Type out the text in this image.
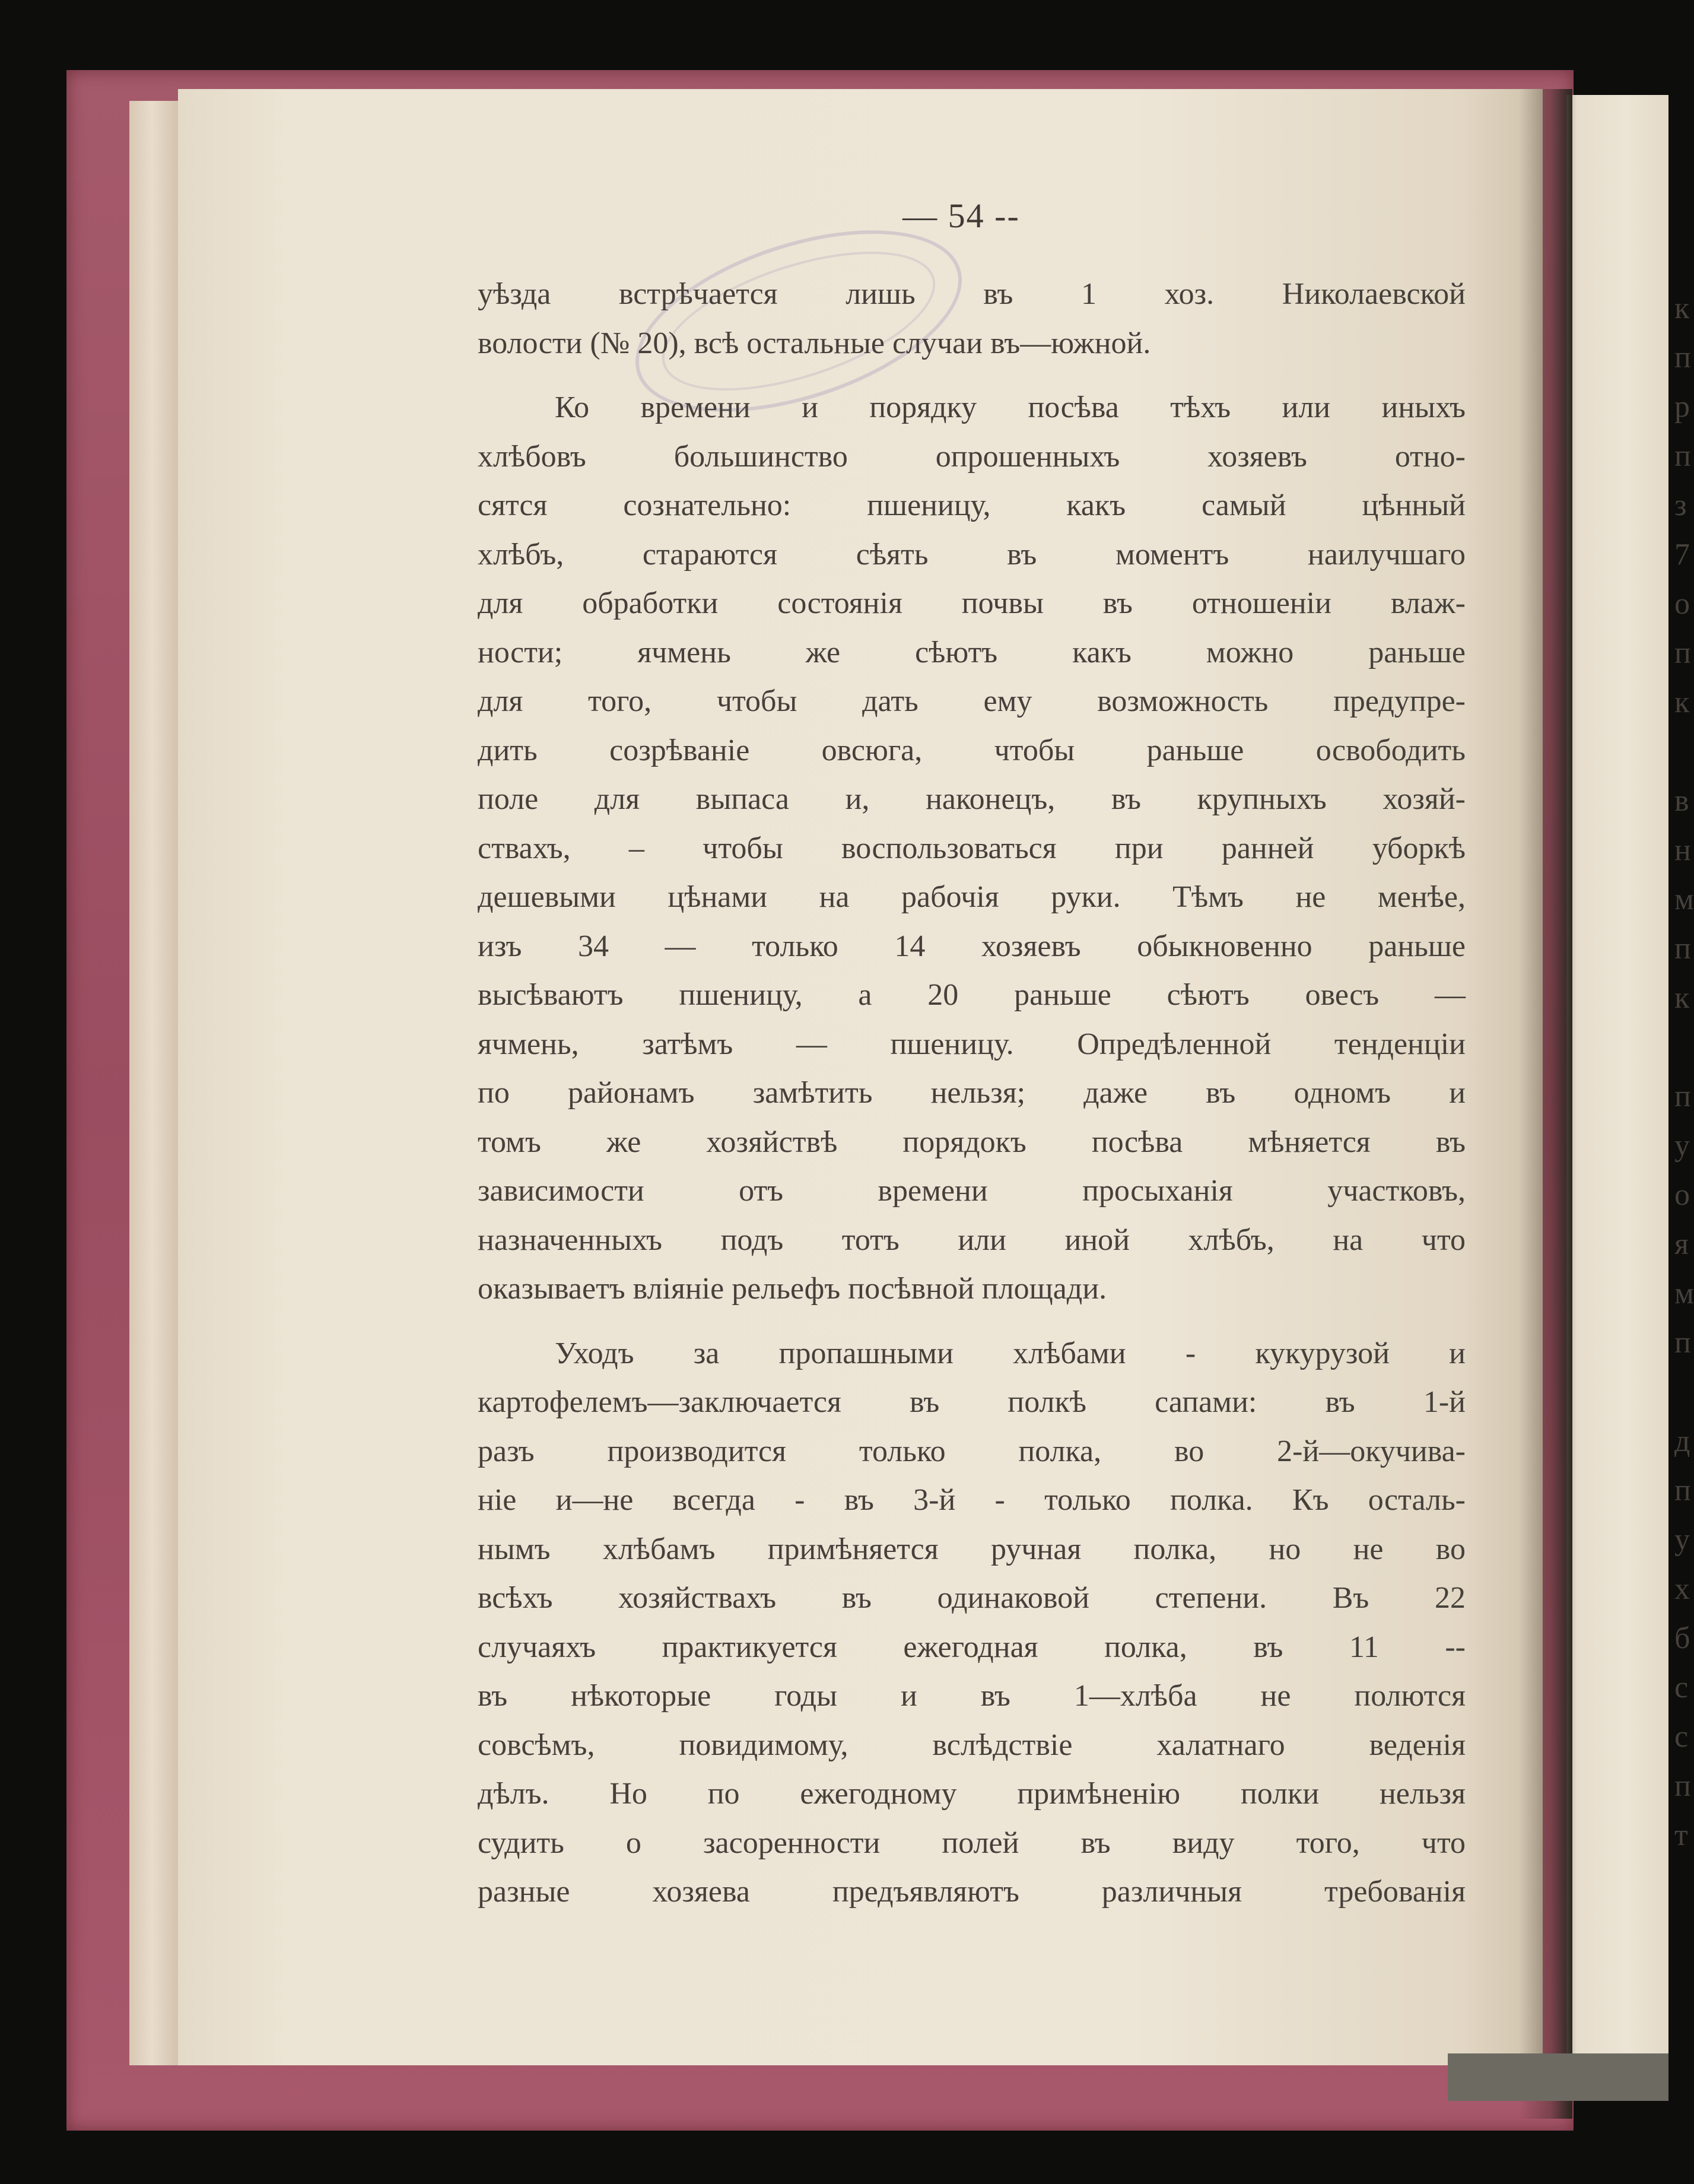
— 54 --

уѣзда встрѣчается лишь въ 1 хоз. Николаевской
волости (№ 20), всѣ остальные случаи въ—южной.

Ко времени и порядку посѣва тѣхъ или иныхъ
хлѣбовъ большинство опрошенныхъ хозяевъ отно-
сятся сознательно: пшеницу, какъ самый цѣнный
хлѣбъ, стараются сѣять въ моментъ наилучшаго
для обработки состоянія почвы въ отношеніи влаж-
ности; ячмень же сѣютъ какъ можно раньше
для того, чтобы дать ему возможность предупре-
дить созрѣваніе овсюга, чтобы раньше освободить
поле для выпаса и, наконецъ, въ крупныхъ хозяй-
ствахъ, – чтобы воспользоваться при ранней уборкѣ
дешевыми цѣнами на рабочія руки. Тѣмъ не менѣе,
изъ 34 — только 14 хозяевъ обыкновенно раньше
высѣваютъ пшеницу, а 20 раньше сѣютъ овесъ —
ячмень, затѣмъ — пшеницу. Опредѣленной тенденціи
по районамъ замѣтить нельзя; даже въ одномъ и
томъ же хозяйствѣ порядокъ посѣва мѣняется въ
зависимости отъ времени просыханія участковъ,
назначенныхъ подъ тотъ или иной хлѣбъ, на что
оказываетъ вліяніе рельефъ посѣвной площади.

Уходъ за пропашными хлѣбами - кукурузой и
картофелемъ—заключается въ полкѣ сапами: въ 1-й
разъ производится только полка, во 2-й—окучива-
ніе и—не всегда - въ 3-й - только полка. Къ осталь-
нымъ хлѣбамъ примѣняется ручная полка, но не во
всѣхъ хозяйствахъ въ одинаковой степени. Въ 22
случаяхъ практикуется ежегодная полка, въ 11 --
въ нѣкоторые годы и въ 1—хлѣба не полются
совсѣмъ, повидимому, вслѣдствіе халатнаго веденія
дѣлъ. Но по ежегодному примѣненію полки нельзя
судить о засоренности полей въ виду того, что
разные хозяева предъявляютъ различныя требованія

к
п
р
п
з
7
о
п
к
в
н
м
п
к
п
у
о
я
м
п
д
п
у
х
б
с
с
п
т
